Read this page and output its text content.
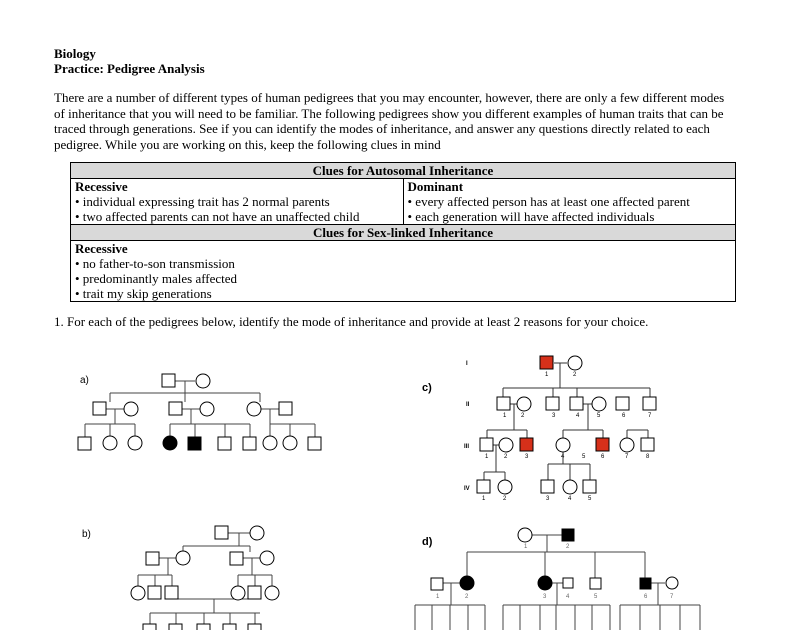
Biology
Practice: Pedigree Analysis

There are a number of different types of human pedigrees that you may encounter, however, there are only a few different modes

of inheritance that you will need to be familiar. The following pedigrees show you different examples of human traits that can be

traced through generations. See if you can identify the modes of inheritance, and answer any questions directly related to each

pedigree. While you are working on this, keep the following clues in mind

Clues for Autosomal Inheritance

Recessive
• individual expressing trait has 2 normal parents
• two affected parents can not have an unaffected child

Dominant
• every affected person has at least one affected parent
• each generation will have affected individuals

Clues for Sex-linked Inheritance

Recessive
• no father-to-son transmission
• predominantly males affected
• trait my skip generations
1. For each of the pedigrees below, identify the mode of inheritance and provide at least 2 reasons for your choice.
a)
b)
c)
I
II
III
IV
1	2
1 2	3	4	5	6	7
1	2	3	4	5	6	7	8
1	2	3	4	5
d)	1	2
1	2	3	4	5	6	7
